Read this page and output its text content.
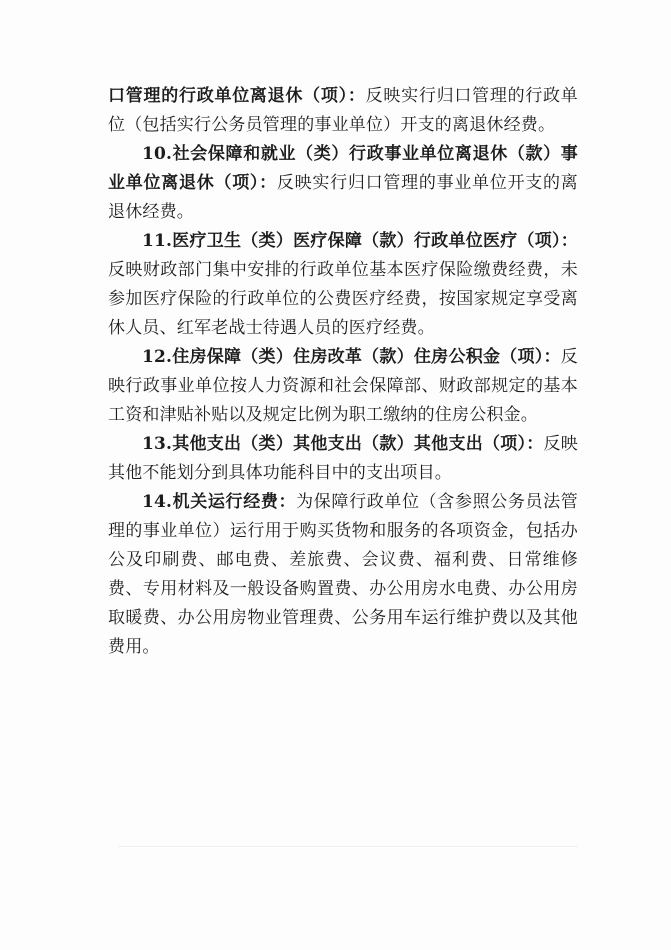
口管理的行政单位离退休（项）：反映实行归口管理的行政单位（包括实行公务员管理的事业单位）开支的离退休经费。

10.社会保障和就业（类）行政事业单位离退休（款）事业单位离退休（项）：反映实行归口管理的事业单位开支的离退休经费。

11.医疗卫生（类）医疗保障（款）行政单位医疗（项）：反映财政部门集中安排的行政单位基本医疗保险缴费经费，未参加医疗保险的行政单位的公费医疗经费，按国家规定享受离休人员、红军老战士待遇人员的医疗经费。

12.住房保障（类）住房改革（款）住房公积金（项）：反映行政事业单位按人力资源和社会保障部、财政部规定的基本工资和津贴补贴以及规定比例为职工缴纳的住房公积金。

13.其他支出（类）其他支出（款）其他支出（项）：反映其他不能划分到具体功能科目中的支出项目。

14.机关运行经费：为保障行政单位（含参照公务员法管理的事业单位）运行用于购买货物和服务的各项资金，包括办公及印刷费、邮电费、差旅费、会议费、福利费、日常维修费、专用材料及一般设备购置费、办公用房水电费、办公用房取暖费、办公用房物业管理费、公务用车运行维护费以及其他费用。
